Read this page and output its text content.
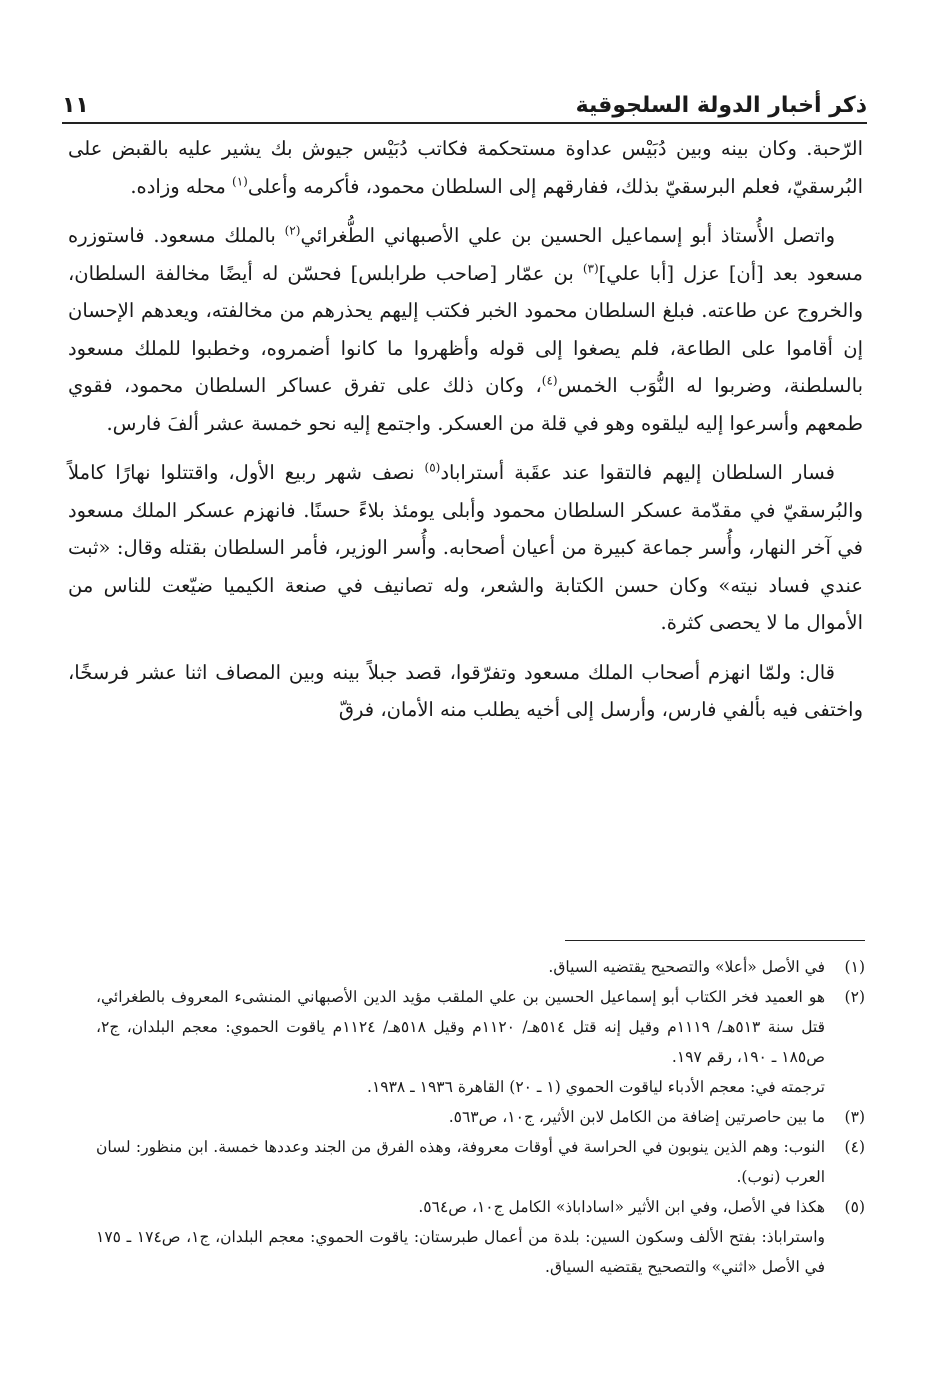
ذكر أخبار الدولة السلجوقية
١١

الرّحبة. وكان بينه وبين دُبَيْس عداوة مستحكمة فكاتب دُبَيْس جيوش بك يشير عليه بالقبض على البُرسقيّ، فعلم البرسقيّ بذلك، ففارقهم إلى السلطان محمود، فأكرمه وأعلى$^{(١)}$ محله وزاده.

واتصل الأُستاذ أبو إسماعيل الحسين بن علي الأصبهاني الطُّغرائي$^{(٢)}$ بالملك مسعود. فاستوزره مسعود بعد [أن] عزل [أبا علي]$^{(٣)}$ بن عمّار [صاحب طرابلس] فحسّن له أيضًا مخالفة السلطان، والخروج عن طاعته. فبلغ السلطان محمود الخبر فكتب إليهم يحذرهم من مخالفته، ويعدهم الإحسان إن أقاموا على الطاعة، فلم يصغوا إلى قوله وأظهروا ما كانوا أضمروه، وخطبوا للملك مسعود بالسلطنة، وضربوا له النُّوَب الخمس$^{(٤)}$، وكان ذلك على تفرق عساكر السلطان محمود، فقوي طمعهم وأسرعوا إليه ليلقوه وهو في قلة من العسكر. واجتمع إليه نحو خمسة عشر ألفَ فارس.

فسار السلطان إليهم فالتقوا عند عقَبة أستراباد$^{(٥)}$ نصف شهر ربيع الأول، واقتتلوا نهارًا كاملاً والبُرسقيّ في مقدّمة عسكر السلطان محمود وأبلى يومئذ بلاءً حسنًا. فانهزم عسكر الملك مسعود في آخر النهار، وأُسر جماعة كبيرة من أعيان أصحابه. وأُسر الوزير، فأمر السلطان بقتله وقال: «ثبت عندي فساد نيته» وكان حسن الكتابة والشعر، وله تصانيف في صنعة الكيميا ضيّعت للناس من الأموال ما لا يحصى كثرة.

قال: ولمّا انهزم أصحاب الملك مسعود وتفرّقوا، قصد جبلاً بينه وبين المصاف اثنا عشر فرسخًا، واختفى فيه بألفي فارس، وأرسل إلى أخيه يطلب منه الأمان، فرقّ

(١)
في الأصل «أعلا» والتصحيح يقتضيه السياق.
(٢)
هو العميد فخر الكتاب أبو إسماعيل الحسين بن علي الملقب مؤيد الدين الأصبهاني المنشىء المعروف بالطغرائي، قتل سنة ٥١٣هـ/ ١١١٩م وقيل إنه قتل ٥١٤هـ/ ١١٢٠م وقيل ٥١٨هـ/ ١١٢٤م ياقوت الحموي: معجم البلدان، ج٢، ص١٨٥ ـ ١٩٠، رقم ١٩٧.
ترجمته في: معجم الأدباء لياقوت الحموي (١ ـ ٢٠) القاهرة ١٩٣٦ ـ ١٩٣٨.
(٣)
ما بين حاصرتين إضافة من الكامل لابن الأثير، ج١٠، ص٥٦٣.
(٤)
النوب: وهم الذين ينوبون في الحراسة في أوقات معروفة، وهذه الفرق من الجند وعددها خمسة. ابن منظور: لسان العرب (نوب).
(٥)
هكذا في الأصل، وفي ابن الأثير «اساداباذ» الكامل ج١٠، ص٥٦٤.
واستراباذ: بفتح الألف وسكون السين: بلدة من أعمال طبرستان: ياقوت الحموي: معجم البلدان، ج١، ص١٧٤ ـ ١٧٥ في الأصل «اثني» والتصحيح يقتضيه السياق.
